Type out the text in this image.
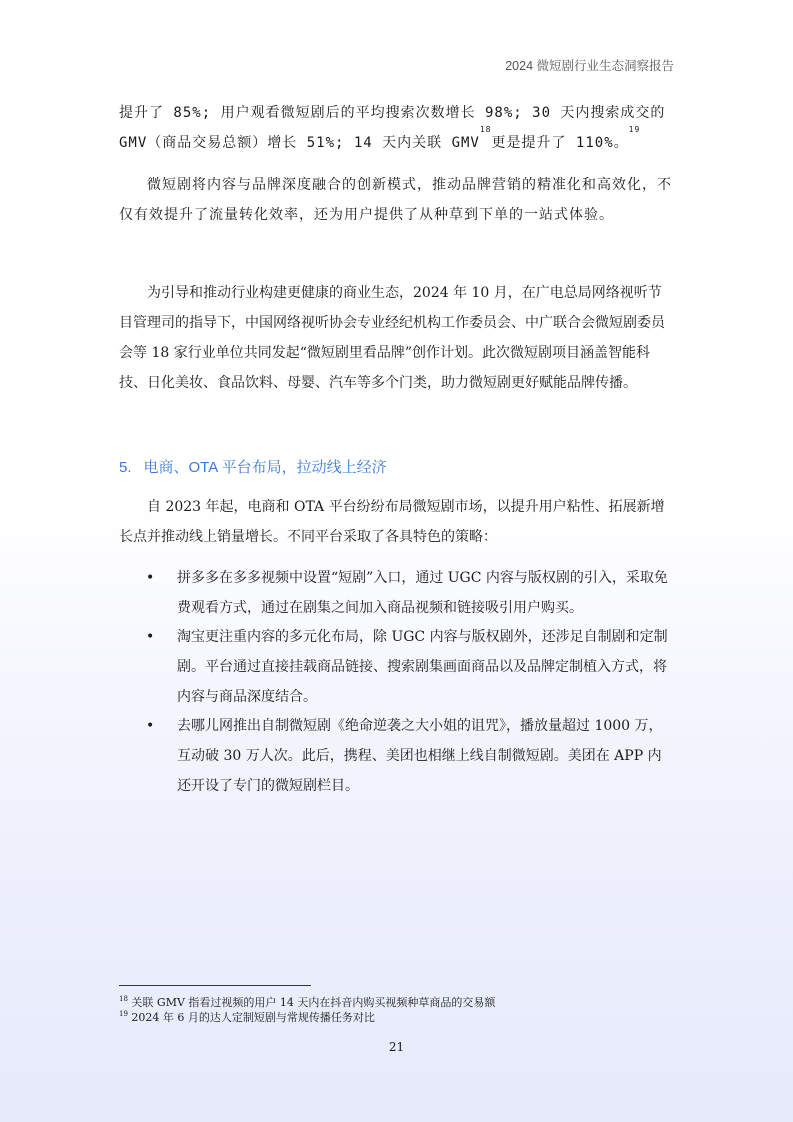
2024 微短剧行业生态洞察报告

提升了 85%; 用户观看微短剧后的平均搜索次数增长 98%; 30 天内搜索成交的 GMV（商品交易总额）增长 51%; 14 天内关联 GMV$^{18}$更是提升了 110%。$^{19}$

微短剧将内容与品牌深度融合的创新模式，推动品牌营销的精准化和高效化，不仅有效提升了流量转化效率，还为用户提供了从种草到下单的一站式体验。

为引导和推动行业构建更健康的商业生态，2024 年 10 月，在广电总局网络视听节目管理司的指导下，中国网络视听协会专业经纪机构工作委员会、中广联合会微短剧委员会等 18 家行业单位共同发起“微短剧里看品牌”创作计划。此次微短剧项目涵盖智能科技、日化美妆、食品饮料、母婴、汽车等多个门类，助力微短剧更好赋能品牌传播。

5. 电商、OTA 平台布局，拉动线上经济

自 2023 年起，电商和 OTA 平台纷纷布局微短剧市场，以提升用户粘性、拓展新增长点并推动线上销量增长。不同平台采取了各具特色的策略：

• 拼多多在多多视频中设置“短剧”入口，通过 UGC 内容与版权剧的引入，采取免费观看方式，通过在剧集之间加入商品视频和链接吸引用户购买。
• 淘宝更注重内容的多元化布局，除 UGC 内容与版权剧外，还涉足自制剧和定制剧。平台通过直接挂载商品链接、搜索剧集画面商品以及品牌定制植入方式，将内容与商品深度结合。
• 去哪儿网推出自制微短剧《绝命逆袭之大小姐的诅咒》，播放量超过 1000 万，互动破 30 万人次。此后，携程、美团也相继上线自制微短剧。美团在 APP 内还开设了专门的微短剧栏目。
$^{18}$ 关联 GMV 指看过视频的用户 14 天内在抖音内购买视频种草商品的交易额
$^{19}$ 2024 年 6 月的达人定制短剧与常规传播任务对比
21
